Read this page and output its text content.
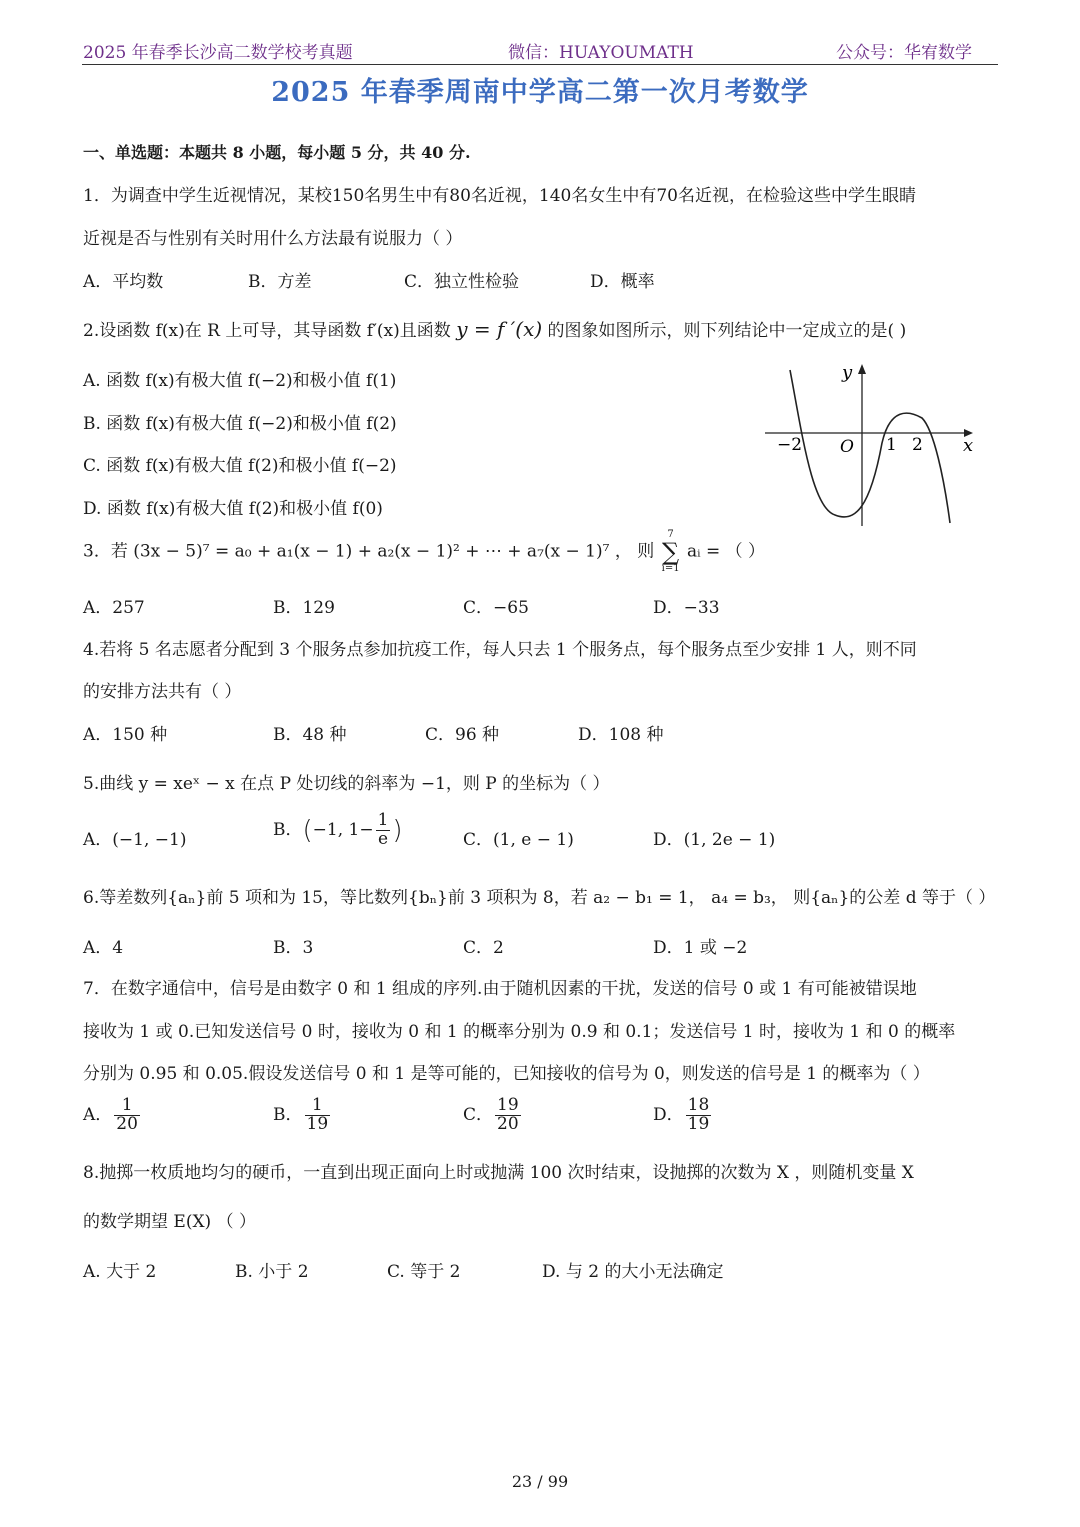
2025 年春季长沙高二数学校考真题	微信：HUAYOUMATH	公众号：华宥数学
2025 年春季周南中学高二第一次月考数学
一、单选题：本题共 8 小题，每小题 5 分，共 40 分.
1．为调查中学生近视情况，某校150名男生中有80名近视，140名女生中有70名近视，在检验这些中学生眼睛
近视是否与性别有关时用什么方法最有说服力（ ）
A．平均数	B．方差	C．独立性检验	D．概率
2.设函数 f(x)在 R 上可导，其导函数 f′(x)且函数 y = f ′(x) 的图象如图所示，则下列结论中一定成立的是( )
A. 函数 f(x)有极大值 f(−2)和极小值 f(1)
B. 函数 f(x)有极大值 f(−2)和极小值 f(2)
C. 函数 f(x)有极大值 f(2)和极小值 f(−2)
D. 函数 f(x)有极大值 f(2)和极小值 f(0)
y
x
O
−2	1 2
3．若 (3x − 5)⁷ = a₀ + a₁(x − 1) + a₂(x − 1)² + ⋯ + a₇(x − 1)⁷ ， 则
7
∑
i=1
aᵢ = （ ）
A．257	B．129	C．−65	D．−33
4.若将 5 名志愿者分配到 3 个服务点参加抗疫工作，每人只去 1 个服务点，每个服务点至少安排 1 人，则不同
的安排方法共有（ ）
A．150 种	B．48 种	C．96 种	D．108 种
5.曲线 y = xeˣ − x 在点 P 处切线的斜率为 −1，则 P 的坐标为（ ）
A．(−1, −1)
B．(−1, $1- \frac{1}{e}$ )	C．(1, e − 1)	D．(1, 2e − 1)
6.等差数列{aₙ}前 5 项和为 15，等比数列{bₙ}前 3 项积为 8，若 a₂ − b₁ = 1， a₄ = b₃， 则{aₙ}的公差 d 等于（ ）
A．4	B．3	C．2	D．1 或 −2
7．在数字通信中，信号是由数字 0 和 1 组成的序列.由于随机因素的干扰，发送的信号 0 或 1 有可能被错误地
接收为 1 或 0.已知发送信号 0 时，接收为 0 和 1 的概率分别为 0.9 和 0.1；发送信号 1 时，接收为 1 和 0 的概率
分别为 0.95 和 0.05.假设发送信号 0 和 1 是等可能的，已知接收的信号为 0，则发送的信号是 1 的概率为（ ）
A． $\frac{1}{20}$	B． $\frac{1}{19}$	C． $\frac{19}{20}$	D． $\frac{18}{19}$
8.抛掷一枚质地均匀的硬币，一直到出现正面向上时或抛满 100 次时结束，设抛掷的次数为 X ，则随机变量 X
的数学期望 E(X) （ ）
A. 大于 2	B. 小于 2	C. 等于 2	D. 与 2 的大小无法确定
23 / 99
